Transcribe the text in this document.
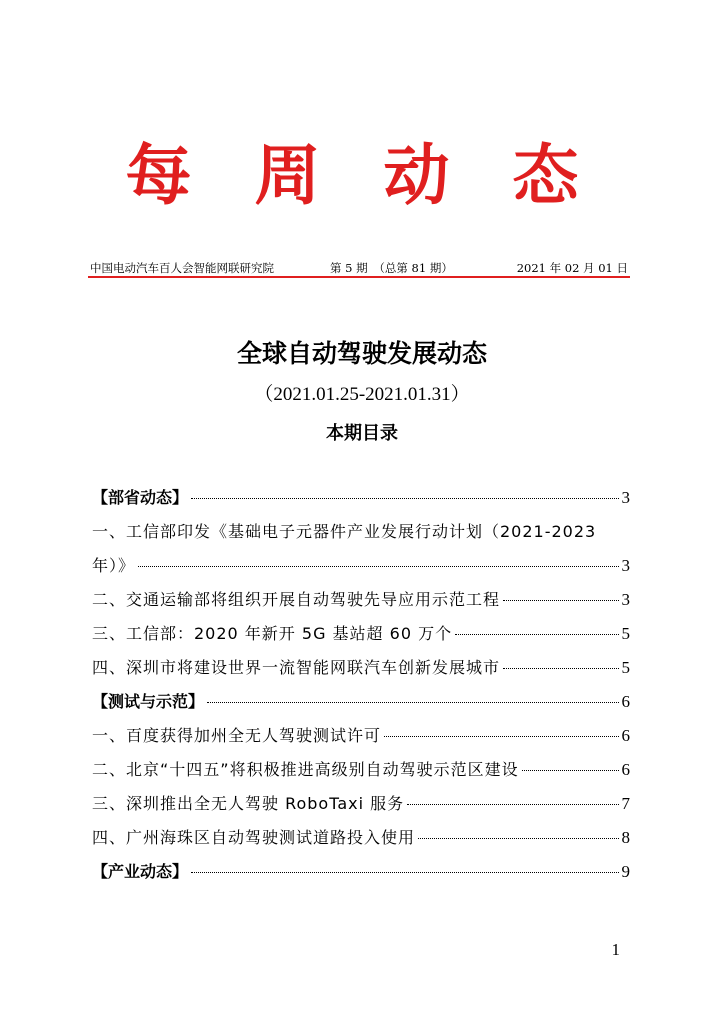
每 周 动 态
中国电动汽车百人会智能网联研究院	第 5 期　（总第 81 期）	2021 年 02 月 01 日
全球自动驾驶发展动态
（2021.01.25-2021.01.31）
本期目录
【部省动态】	3
一、工信部印发《基础电子元器件产业发展行动计划（2021-2023
年）》	3
二、交通运输部将组织开展自动驾驶先导应用示范工程	3
三、工信部：2020 年新开 5G 基站超 60 万个	5
四、深圳市将建设世界一流智能网联汽车创新发展城市	5
【测试与示范】	6
一、百度获得加州全无人驾驶测试许可	6
二、北京“十四五”将积极推进高级别自动驾驶示范区建设	6
三、深圳推出全无人驾驶 RoboTaxi 服务	7
四、广州海珠区自动驾驶测试道路投入使用	8
【产业动态】	9
1
